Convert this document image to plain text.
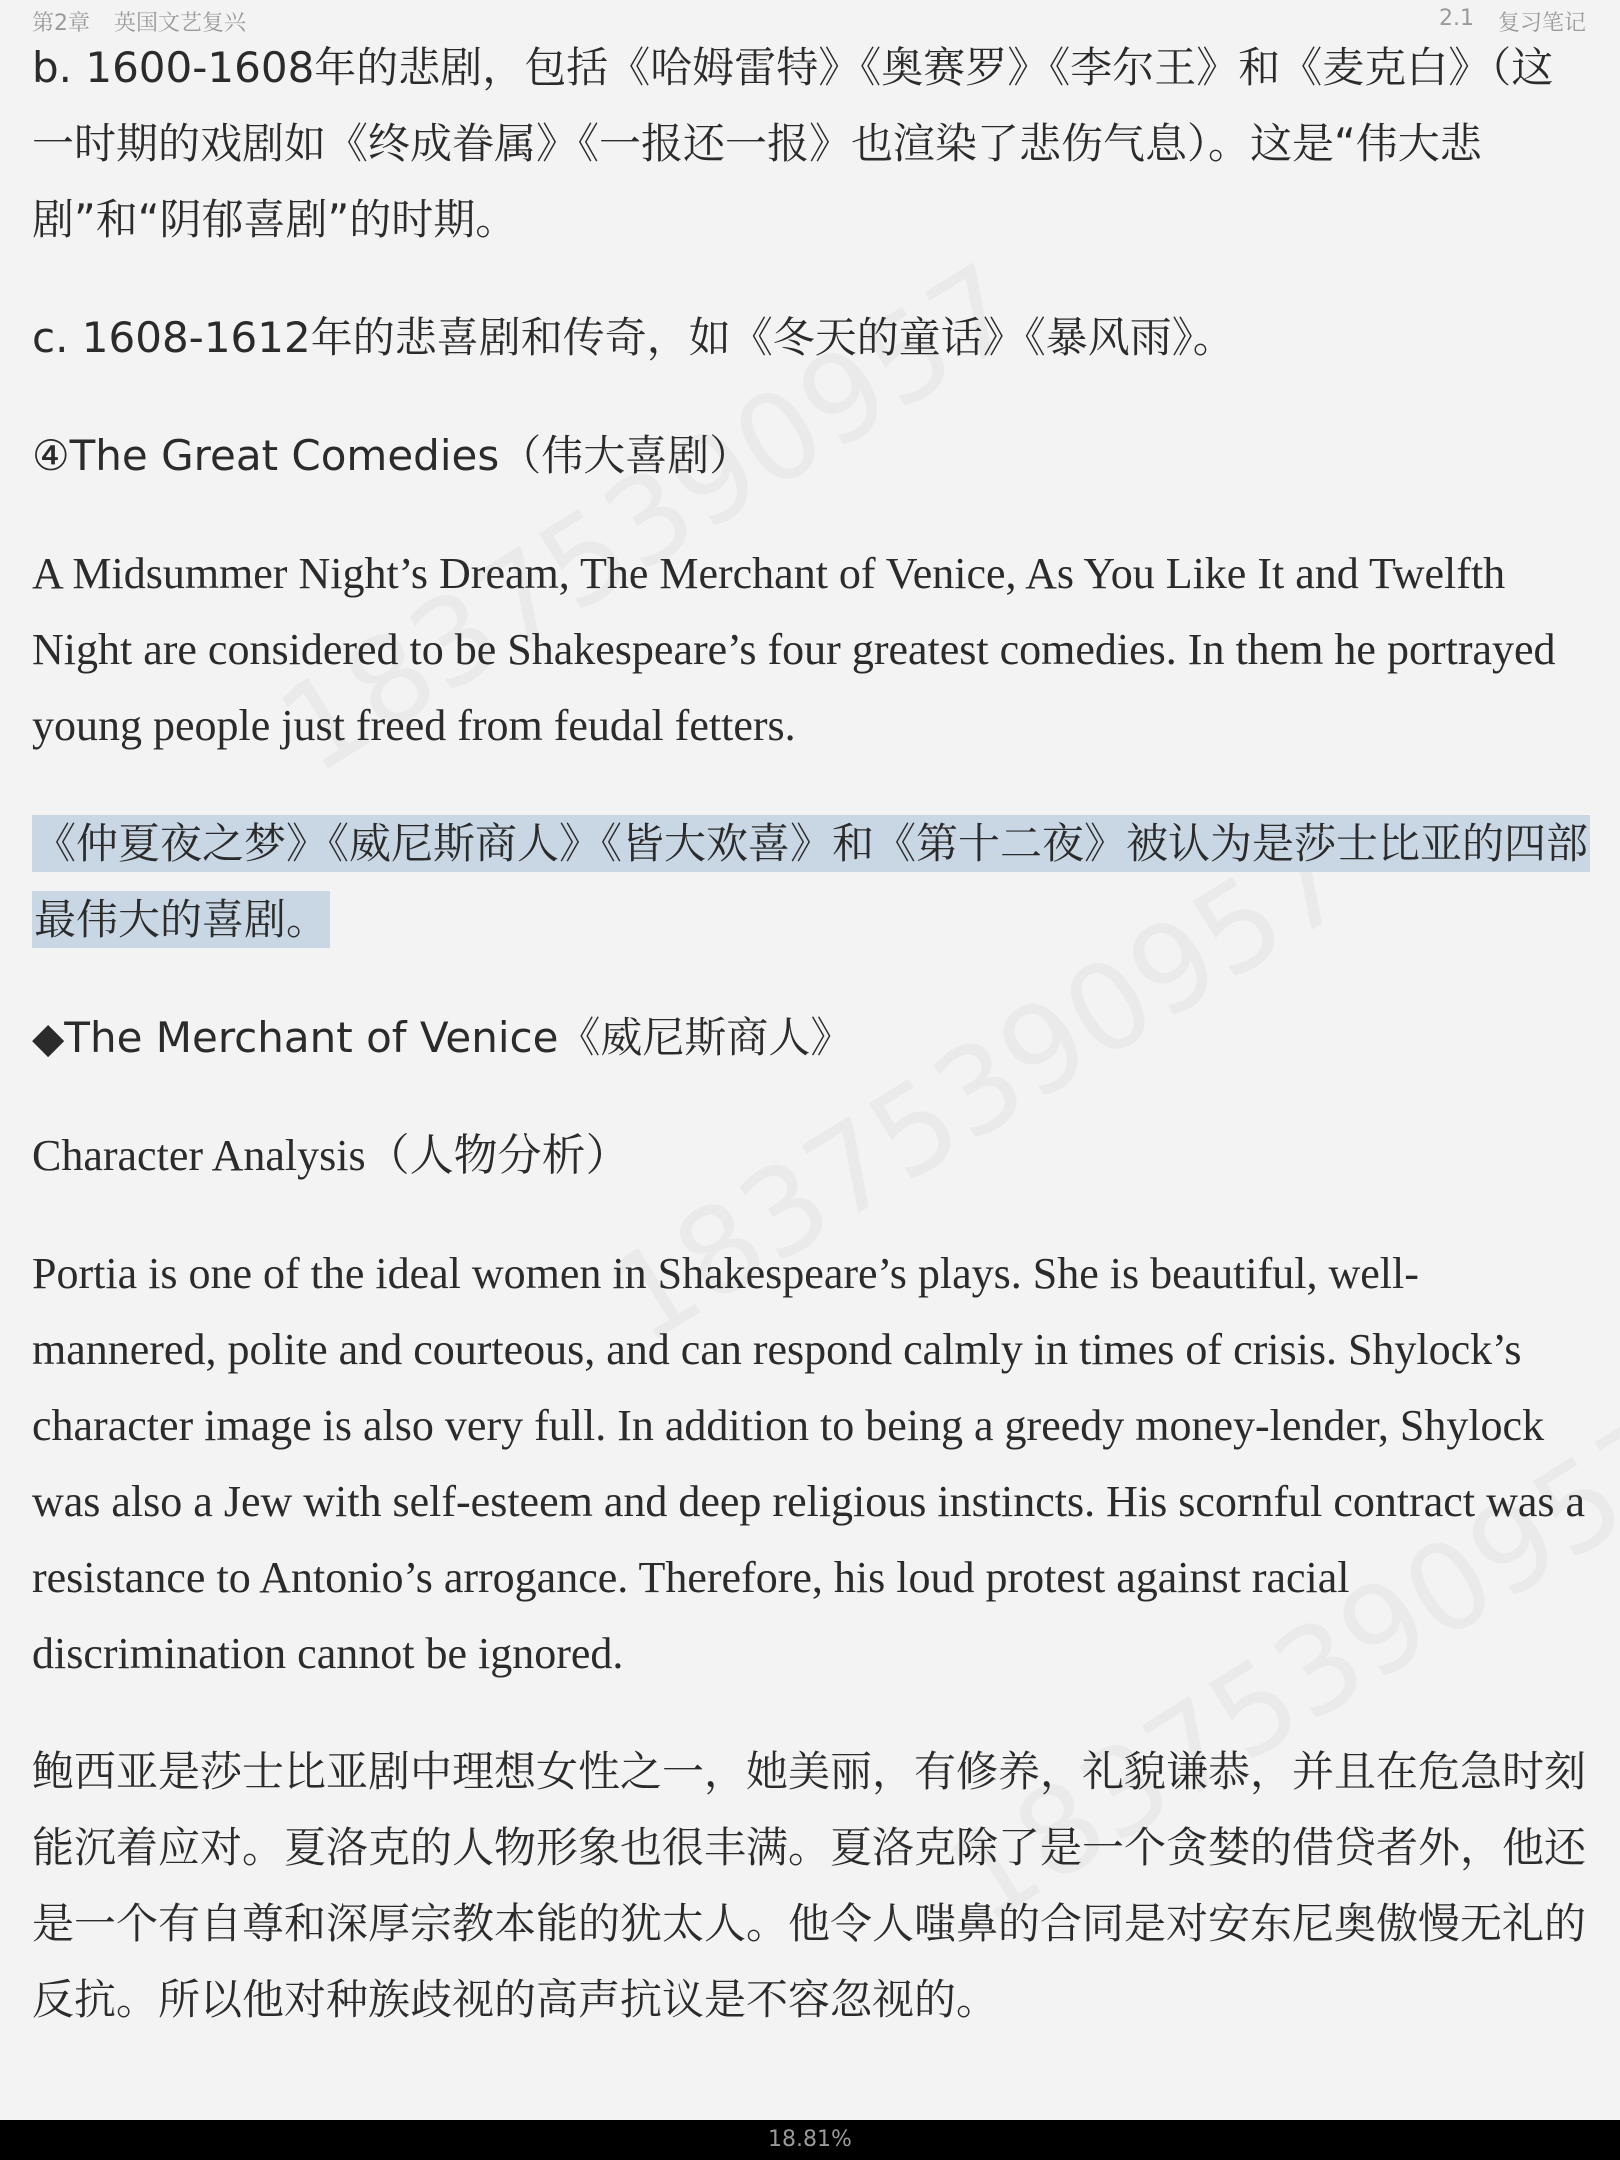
第2章 英国文艺复兴	2.1 复习笔记

b. 1600-1608年的悲剧，包括《哈姆雷特》《奥赛罗》《李尔王》和《麦克白》（这一时期的戏剧如《终成眷属》《一报还一报》也渲染了悲伤气息）。这是“伟大悲剧”和“阴郁喜剧”的时期。

c. 1608-1612年的悲喜剧和传奇，如《冬天的童话》《暴风雨》。

④The Great Comedies（伟大喜剧）

A Midsummer Night’s Dream, The Merchant of Venice, As You Like It and Twelfth Night are considered to be Shakespeare’s four greatest comedies. In them he portrayed young people just freed from feudal fetters.

《仲夏夜之梦》《威尼斯商人》《皆大欢喜》和《第十二夜》被认为是莎士比亚的四部最伟大的喜剧。

◆The Merchant of Venice《威尼斯商人》

Character Analysis（人物分析）

Portia is one of the ideal women in Shakespeare’s plays. She is beautiful, well-mannered, polite and courteous, and can respond calmly in times of crisis. Shylock’s character image is also very full. In addition to being a greedy money-lender, Shylock was also a Jew with self-esteem and deep religious instincts. His scornful contract was a resistance to Antonio’s arrogance. Therefore, his loud protest against racial discrimination cannot be ignored.

鲍西亚是莎士比亚剧中理想女性之一，她美丽，有修养，礼貌谦恭，并且在危急时刻能沉着应对。夏洛克的人物形象也很丰满。夏洛克除了是一个贪婪的借贷者外，他还是一个有自尊和深厚宗教本能的犹太人。他令人嗤鼻的合同是对安东尼奥傲慢无礼的反抗。所以他对种族歧视的高声抗议是不容忽视的。

18.81%
